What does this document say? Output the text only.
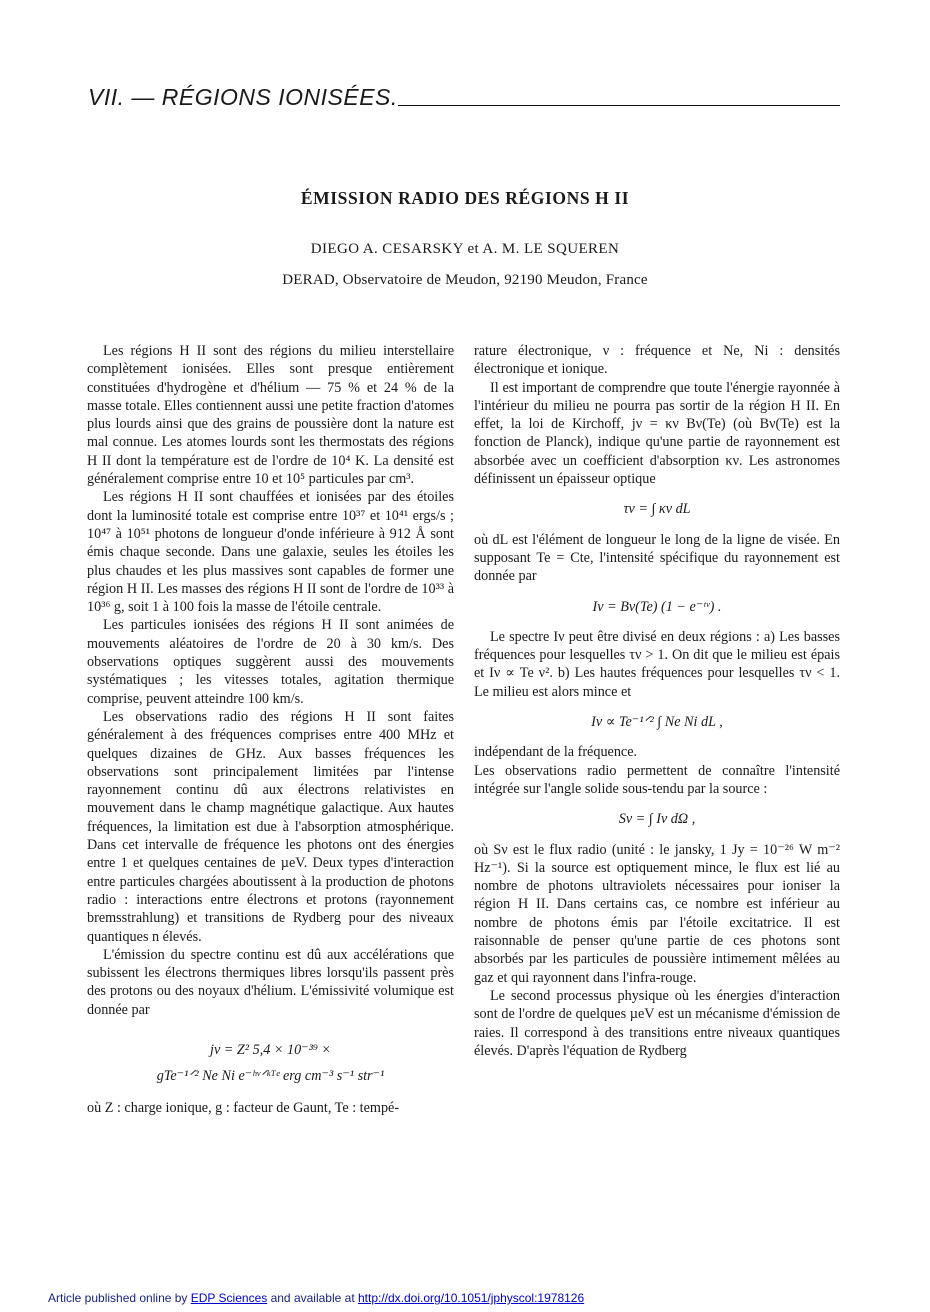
VII. — RÉGIONS IONISÉES.
ÉMISSION RADIO DES RÉGIONS H II
DIEGO A. CESARSKY et A. M. LE SQUEREN
DERAD, Observatoire de Meudon, 92190 Meudon, France

Les régions H II sont des régions du milieu interstellaire complètement ionisées. Elles sont presque entièrement constituées d'hydrogène et d'hélium — 75 % et 24 % de la masse totale. Elles contiennent aussi une petite fraction d'atomes plus lourds ainsi que des grains de poussière dont la nature est mal connue. Les atomes lourds sont les thermostats des régions H II dont la température est de l'ordre de 10⁴ K. La densité est généralement comprise entre 10 et 10⁵ particules par cm³.

Les régions H II sont chauffées et ionisées par des étoiles dont la luminosité totale est comprise entre 10³⁷ et 10⁴¹ ergs/s ; 10⁴⁷ à 10⁵¹ photons de longueur d'onde inférieure à 912 Å sont émis chaque seconde. Dans une galaxie, seules les étoiles les plus chaudes et les plus massives sont capables de former une région H II. Les masses des régions H II sont de l'ordre de 10³³ à 10³⁶ g, soit 1 à 100 fois la masse de l'étoile centrale.

Les particules ionisées des régions H II sont animées de mouvements aléatoires de l'ordre de 20 à 30 km/s. Des observations optiques suggèrent aussi des mouvements systématiques ; les vitesses totales, agitation thermique comprise, peuvent atteindre 100 km/s.

Les observations radio des régions H II sont faites généralement à des fréquences comprises entre 400 MHz et quelques dizaines de GHz. Aux basses fréquences les observations sont principalement limitées par l'intense rayonnement continu dû aux électrons relativistes en mouvement dans le champ magnétique galactique. Aux hautes fréquences, la limitation est due à l'absorption atmosphérique. Dans cet intervalle de fréquence les photons ont des énergies entre 1 et quelques centaines de µeV. Deux types d'interaction entre particules chargées aboutissent à la production de photons radio : interactions entre électrons et protons (rayonnement bremsstrahlung) et transitions de Rydberg pour des niveaux quantiques n élevés.

L'émission du spectre continu est dû aux accélérations que subissent les électrons thermiques libres lorsqu'ils passent près des protons ou des noyaux d'hélium. L'émissivité volumique est donnée par

jν = Z² 5,4 × 10⁻³⁹ ×
gTe⁻¹ᐟ² Ne Ni e⁻ʰᵛᐟᵏᵀᵉ erg cm⁻³ s⁻¹ str⁻¹

où Z : charge ionique, g : facteur de Gaunt, Te : tempé-

rature électronique, ν : fréquence et Ne, Ni : densités électronique et ionique.

Il est important de comprendre que toute l'énergie rayonnée à l'intérieur du milieu ne pourra pas sortir de la région H II. En effet, la loi de Kirchoff, jν = κν Bν(Te) (où Bν(Te) est la fonction de Planck), indique qu'une partie de rayonnement est absorbée avec un coefficient d'absorption κν. Les astronomes définissent un épaisseur optique

τν = ∫ κν dL

où dL est l'élément de longueur le long de la ligne de visée. En supposant Te = Cte, l'intensité spécifique du rayonnement est donnée par

Iν = Bν(Te) (1 − e⁻ᵗᵛ) .

Le spectre Iν peut être divisé en deux régions : a) Les basses fréquences pour lesquelles τν > 1. On dit que le milieu est épais et Iν ∝ Te ν². b) Les hautes fréquences pour lesquelles τν < 1. Le milieu est alors mince et

Iν ∝ Te⁻¹ᐟ² ∫ Ne Ni dL ,

indépendant de la fréquence.

Les observations radio permettent de connaître l'intensité intégrée sur l'angle solide sous-tendu par la source :

Sν = ∫ Iν dΩ ,

où Sν est le flux radio (unité : le jansky, 1 Jy = 10⁻²⁶ W m⁻² Hz⁻¹). Si la source est optiquement mince, le flux est lié au nombre de photons ultraviolets nécessaires pour ioniser la région H II. Dans certains cas, ce nombre est inférieur au nombre de photons émis par l'étoile excitatrice. Il est raisonnable de penser qu'une partie de ces photons sont absorbés par les particules de poussière intimement mêlées au gaz et qui rayonnent dans l'infra-rouge.

Le second processus physique où les énergies d'interaction sont de l'ordre de quelques µeV est un mécanisme d'émission de raies. Il correspond à des transitions entre niveaux quantiques élevés. D'après l'équation de Rydberg

Article published online by EDP Sciences and available at http://dx.doi.org/10.1051/jphyscol:1978126
